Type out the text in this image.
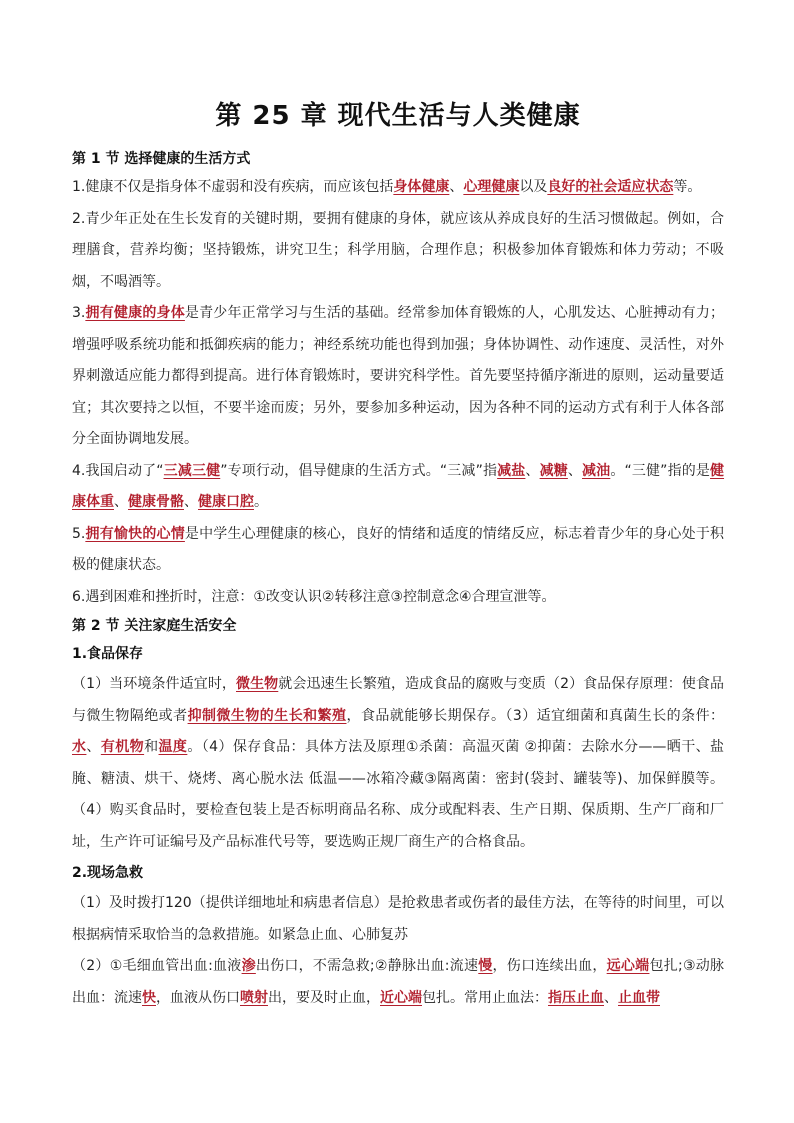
第 25 章 现代生活与人类健康
第 1 节 选择健康的生活方式

1.健康不仅是指身体不虚弱和没有疾病，而应该包括身体健康、心理健康以及良好的社会适应状态等。

2.青少年正处在生长发育的关键时期，要拥有健康的身体，就应该从养成良好的生活习惯做起。例如，合理膳食，营养均衡；坚持锻炼，讲究卫生；科学用脑，合理作息；积极参加体育锻炼和体力劳动；不吸烟，不喝酒等。

3.拥有健康的身体是青少年正常学习与生活的基础。经常参加体育锻炼的人，心肌发达、心脏搏动有力；增强呼吸系统功能和抵御疾病的能力；神经系统功能也得到加强；身体协调性、动作速度、灵活性，对外界刺激适应能力都得到提高。进行体育锻炼时，要讲究科学性。首先要坚持循序渐进的原则，运动量要适宜；其次要持之以恒，不要半途而废；另外，要参加多种运动，因为各种不同的运动方式有利于人体各部分全面协调地发展。

4.我国启动了“三减三健”专项行动，倡导健康的生活方式。“三减”指减盐、减糖、减油。“三健”指的是健康体重、健康骨骼、健康口腔。

5.拥有愉快的心情是中学生心理健康的核心，良好的情绪和适度的情绪反应，标志着青少年的身心处于积极的健康状态。

6.遇到困难和挫折时，注意：①改变认识②转移注意③控制意念④合理宣泄等。

第 2 节 关注家庭生活安全
1.食品保存

（1）当环境条件适宜时，微生物就会迅速生长繁殖，造成食品的腐败与变质（2）食品保存原理：使食品与微生物隔绝或者抑制微生物的生长和繁殖，食品就能够长期保存。（3）适宜细菌和真菌生长的条件：水、有机物和温度。（4）保存食品：具体方法及原理①杀菌：高温灭菌 ②抑菌：去除水分——晒干、盐腌、糖渍、烘干、烧烤、离心脱水法 低温——冰箱冷藏③隔离菌：密封(袋封、罐装等)、加保鲜膜等。（4）购买食品时，要检查包装上是否标明商品名称、成分或配料表、生产日期、保质期、生产厂商和厂址，生产许可证编号及产品标准代号等，要选购正规厂商生产的合格食品。

2.现场急救

（1）及时拨打120（提供详细地址和病患者信息）是抢救患者或伤者的最佳方法，在等待的时间里，可以根据病情采取恰当的急救措施。如紧急止血、心肺复苏

（2）①毛细血管出血:血液渗出伤口，不需急救;②静脉出血:流速慢，伤口连续出血，远心端包扎;③动脉出血：流速快，血液从伤口喷射出，要及时止血，近心端包扎。常用止血法：指压止血、止血带
